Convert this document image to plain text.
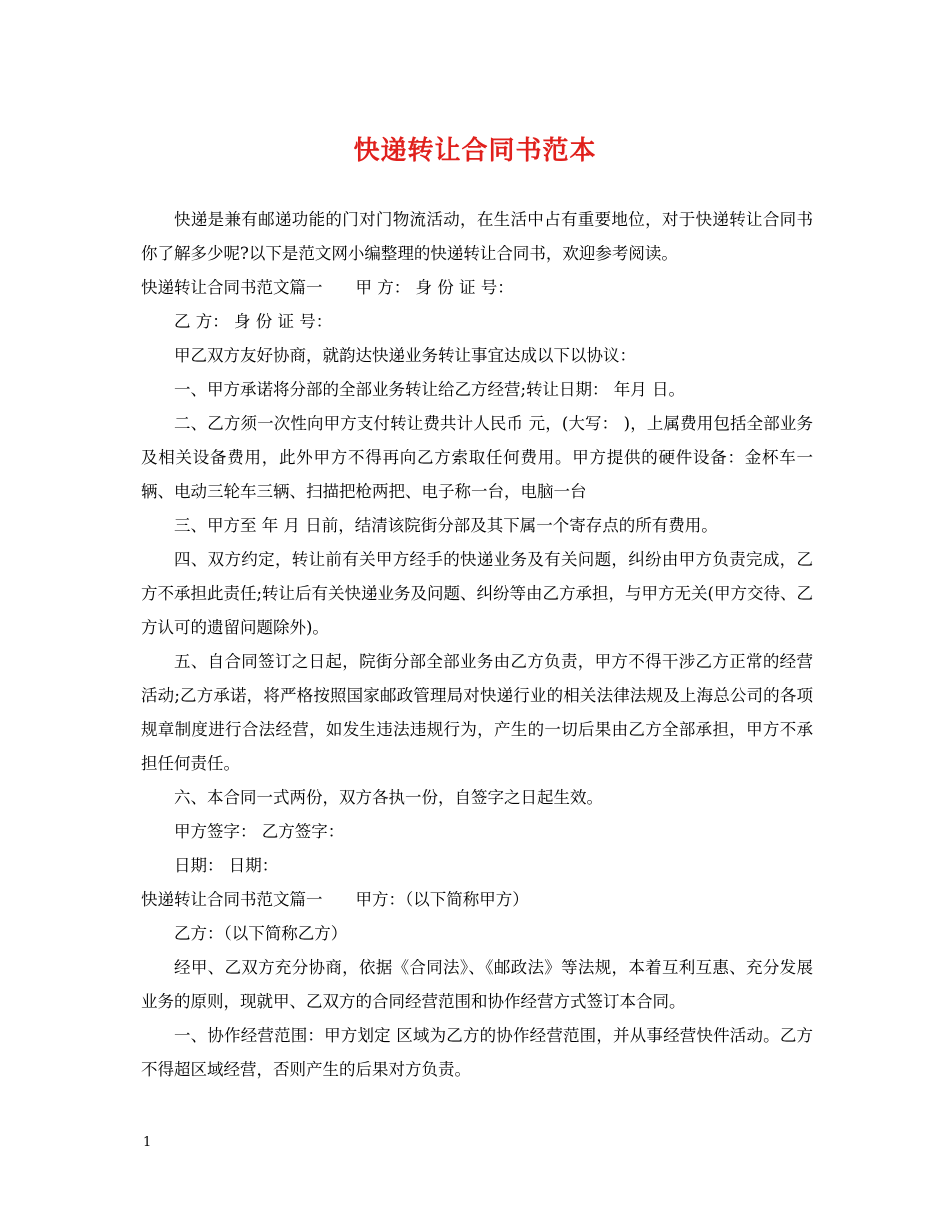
快递转让合同书范本

快递是兼有邮递功能的门对门物流活动，在生活中占有重要地位，对于快递转让合同书你了解多少呢?以下是范文网小编整理的快递转让合同书，欢迎参考阅读。

快递转让合同书范文篇一　　甲 方： 身 份 证 号：

乙 方： 身 份 证 号：

甲乙双方友好协商，就韵达快递业务转让事宜达成以下以协议：

一、甲方承诺将分部的全部业务转让给乙方经营;转让日期： 年月 日。

二、乙方须一次性向甲方支付转让费共计人民币 元，(大写： )，上属费用包括全部业务及相关设备费用，此外甲方不得再向乙方索取任何费用。甲方提供的硬件设备：金杯车一辆、电动三轮车三辆、扫描把枪两把、电子称一台，电脑一台

三、甲方至 年 月 日前，结清该院街分部及其下属一个寄存点的所有费用。

四、双方约定，转让前有关甲方经手的快递业务及有关问题，纠纷由甲方负责完成，乙方不承担此责任;转让后有关快递业务及问题、纠纷等由乙方承担，与甲方无关(甲方交待、乙方认可的遗留问题除外)。

五、自合同签订之日起，院街分部全部业务由乙方负责，甲方不得干涉乙方正常的经营活动;乙方承诺，将严格按照国家邮政管理局对快递行业的相关法律法规及上海总公司的各项规章制度进行合法经营，如发生违法违规行为，产生的一切后果由乙方全部承担，甲方不承担任何责任。

六、本合同一式两份，双方各执一份，自签字之日起生效。

甲方签字： 乙方签字：

日期： 日期：

快递转让合同书范文篇一　　甲方：（以下简称甲方）

乙方：（以下简称乙方）

经甲、乙双方充分协商，依据《合同法》、《邮政法》等法规，本着互利互惠、充分发展业务的原则，现就甲、乙双方的合同经营范围和协作经营方式签订本合同。

一、协作经营范围：甲方划定 区域为乙方的协作经营范围，并从事经营快件活动。乙方不得超区域经营，否则产生的后果对方负责。

1
